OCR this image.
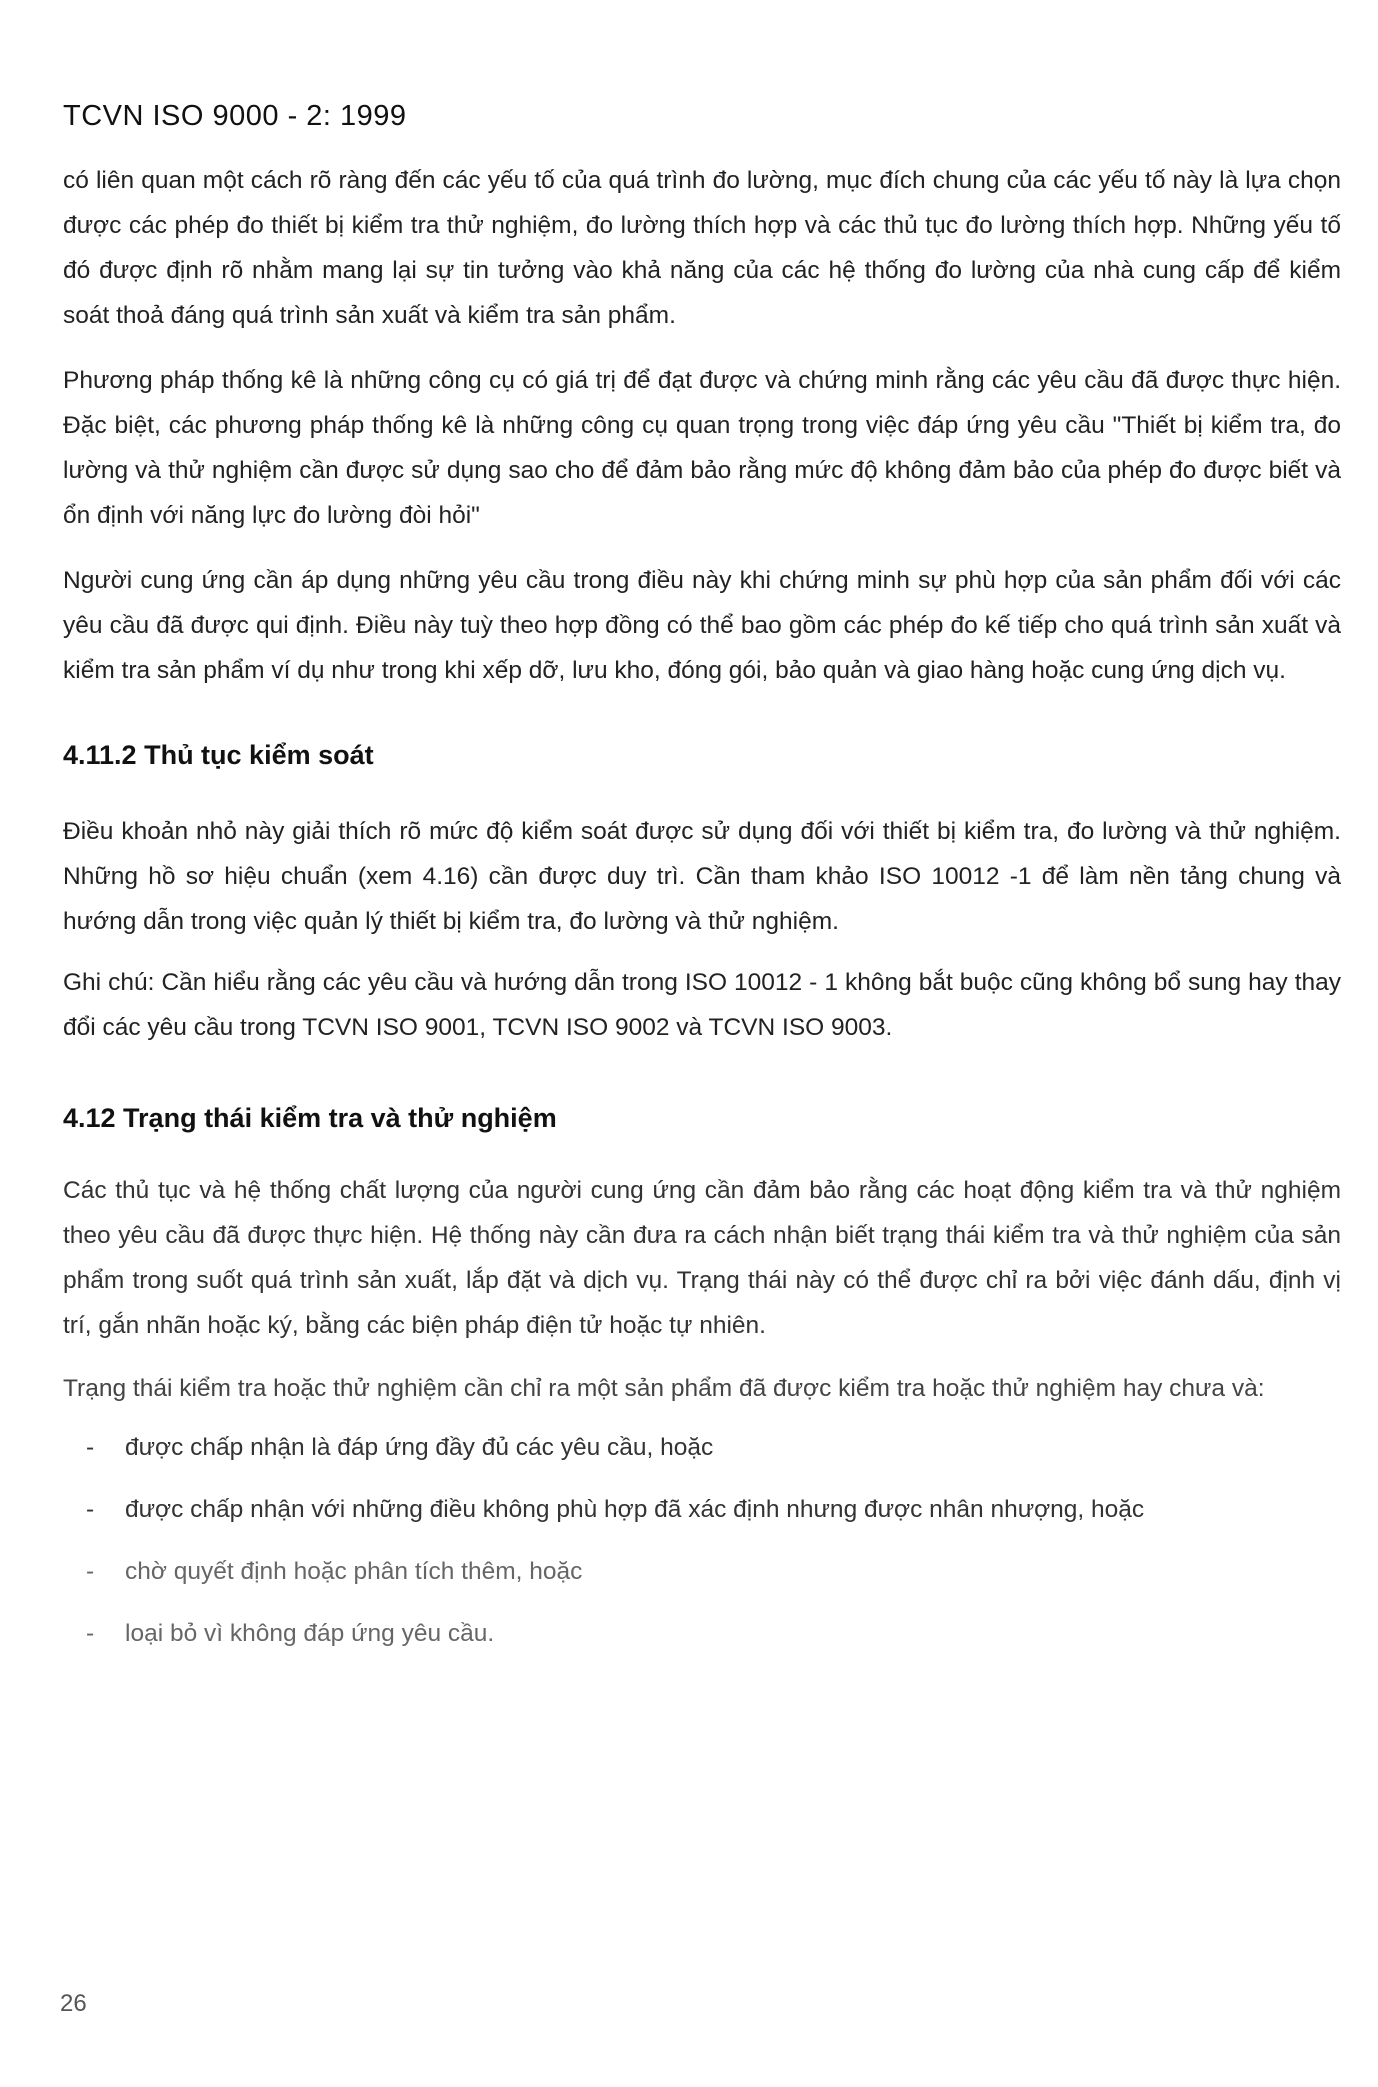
TCVN ISO 9000 - 2: 1999

có liên quan một cách rõ ràng đến các yếu tố của quá trình đo lường, mục đích chung của các yếu tố này là lựa chọn được các phép đo thiết bị kiểm tra thử nghiệm, đo lường thích hợp và các thủ tục đo lường thích hợp. Những yếu tố đó được định rõ nhằm mang lại sự tin tưởng vào khả năng của các hệ thống đo lường của nhà cung cấp để kiểm soát thoả đáng quá trình sản xuất và kiểm tra sản phẩm.

Phương pháp thống kê là những công cụ có giá trị để đạt được và chứng minh rằng các yêu cầu đã được thực hiện. Đặc biệt, các phương pháp thống kê là những công cụ quan trọng trong việc đáp ứng yêu cầu "Thiết bị kiểm tra, đo lường và thử nghiệm cần được sử dụng sao cho để đảm bảo rằng mức độ không đảm bảo của phép đo được biết và ổn định với năng lực đo lường đòi hỏi"

Người cung ứng cần áp dụng những yêu cầu trong điều này khi chứng minh sự phù hợp của sản phẩm đối với các yêu cầu đã được qui định. Điều này tuỳ theo hợp đồng có thể bao gồm các phép đo kế tiếp cho quá trình sản xuất và kiểm tra sản phẩm ví dụ như trong khi xếp dỡ, lưu kho, đóng gói, bảo quản và giao hàng hoặc cung ứng dịch vụ.

4.11.2 Thủ tục kiểm soát

Điều khoản nhỏ này giải thích rõ mức độ kiểm soát được sử dụng đối với thiết bị kiểm tra, đo lường và thử nghiệm. Những hồ sơ hiệu chuẩn (xem 4.16) cần được duy trì. Cần tham khảo ISO 10012 -1 để làm nền tảng chung và hướng dẫn trong việc quản lý thiết bị kiểm tra, đo lường và thử nghiệm.

Ghi chú: Cần hiểu rằng các yêu cầu và hướng dẫn trong ISO 10012 - 1 không bắt buộc cũng không bổ sung hay thay đổi các yêu cầu trong TCVN ISO 9001, TCVN ISO 9002 và TCVN ISO 9003.

4.12 Trạng thái kiểm tra và thử nghiệm

Các thủ tục và hệ thống chất lượng của người cung ứng cần đảm bảo rằng các hoạt động kiểm tra và thử nghiệm theo yêu cầu đã được thực hiện. Hệ thống này cần đưa ra cách nhận biết trạng thái kiểm tra và thử nghiệm của sản phẩm trong suốt quá trình sản xuất, lắp đặt và dịch vụ. Trạng thái này có thể được chỉ ra bởi việc đánh dấu, định vị trí, gắn nhãn hoặc ký, bằng các biện pháp điện tử hoặc tự nhiên.

Trạng thái kiểm tra hoặc thử nghiệm cần chỉ ra một sản phẩm đã được kiểm tra hoặc thử nghiệm hay chưa và:

- được chấp nhận là đáp ứng đầy đủ các yêu cầu, hoặc
- được chấp nhận với những điều không phù hợp đã xác định nhưng được nhân nhượng, hoặc
- chờ quyết định hoặc phân tích thêm, hoặc
- loại bỏ vì không đáp ứng yêu cầu.
26
